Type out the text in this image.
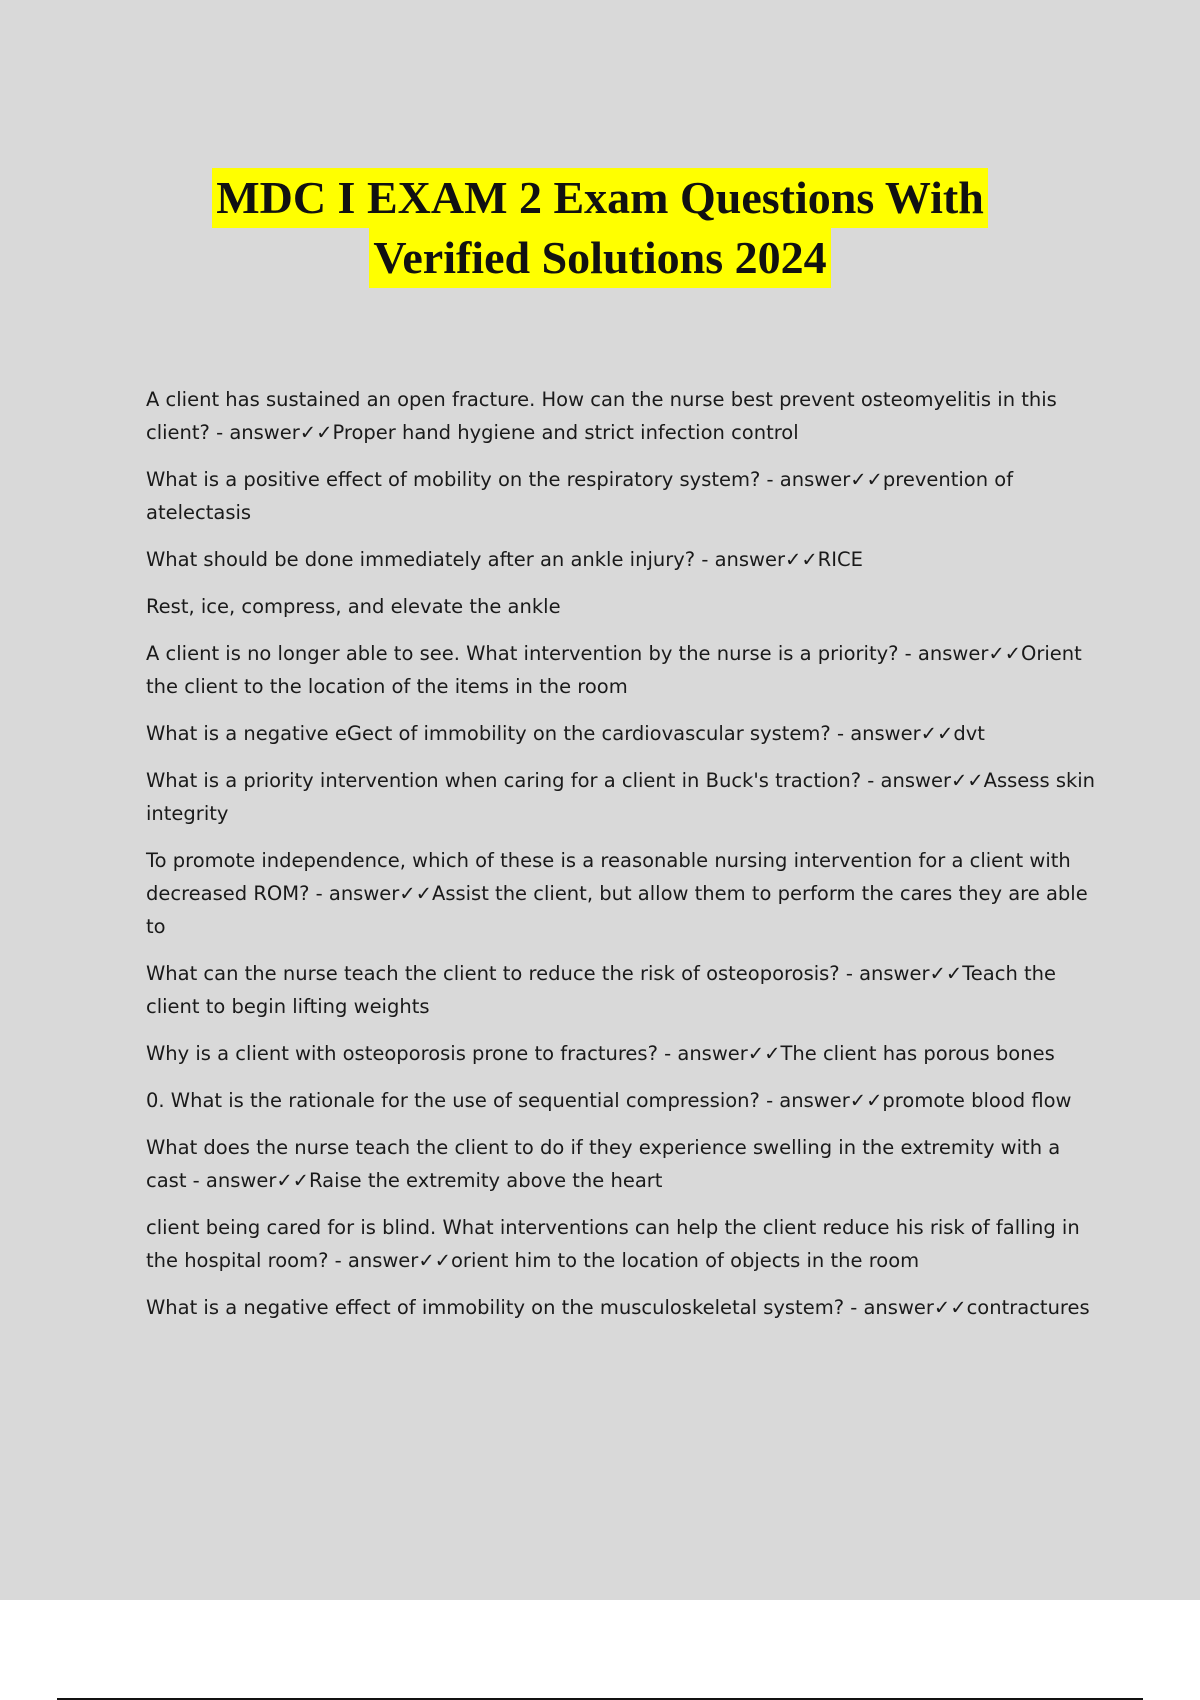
MDC I EXAM 2 Exam Questions With
Verified Solutions 2024

A client has sustained an open fracture. How can the nurse best prevent osteomyelitis in this client? - answer✓✓Proper hand hygiene and strict infection control

What is a positive effect of mobility on the respiratory system? - answer✓✓prevention of atelectasis

What should be done immediately after an ankle injury? - answer✓✓RICE

Rest, ice, compress, and elevate the ankle

A client is no longer able to see. What intervention by the nurse is a priority? - answer✓✓Orient the client to the location of the items in the room

What is a negative eGect of immobility on the cardiovascular system? - answer✓✓dvt

What is a priority intervention when caring for a client in Buck's traction? - answer✓✓Assess skin integrity

To promote independence, which of these is a reasonable nursing intervention for a client with decreased ROM? - answer✓✓Assist the client, but allow them to perform the cares they are able to

What can the nurse teach the client to reduce the risk of osteoporosis? - answer✓✓Teach the client to begin lifting weights

Why is a client with osteoporosis prone to fractures? - answer✓✓The client has porous bones

0. What is the rationale for the use of sequential compression? - answer✓✓promote blood flow

What does the nurse teach the client to do if they experience swelling in the extremity with a cast - answer✓✓Raise the extremity above the heart

client being cared for is blind. What interventions can help the client reduce his risk of falling in the hospital room? - answer✓✓orient him to the location of objects in the room

What is a negative effect of immobility on the musculoskeletal system? - answer✓✓contractures
